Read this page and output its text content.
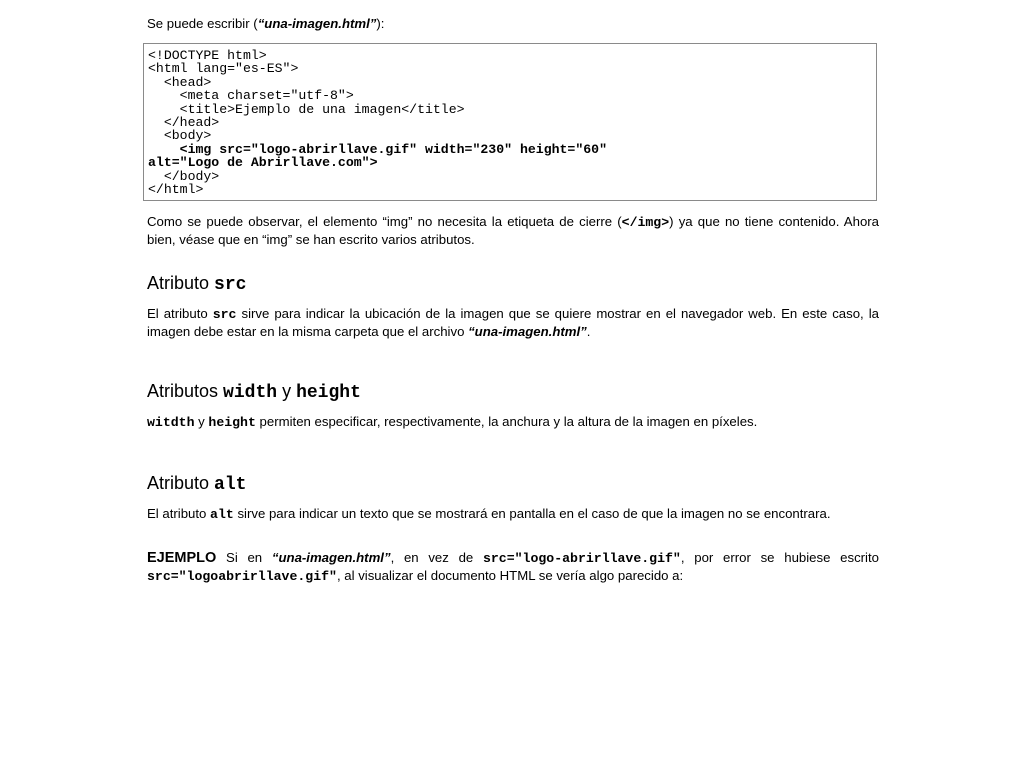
Se puede escribir (“una-imagen.html”):

<!DOCTYPE html>
<html lang="es-ES">
<head>
<meta charset="utf-8">
<title>Ejemplo de una imagen</title>
</head>
<body>
<img src="logo-abrirllave.gif" width="230" height="60"
alt="Logo de Abrirllave.com">
</body>
</html>

Como se puede observar, el elemento “img” no necesita la etiqueta de cierre (</img>) ya que no tiene contenido. Ahora bien, véase que en “img” se han escrito varios atributos.

Atributo src

El atributo src sirve para indicar la ubicación de la imagen que se quiere mostrar en el navegador web. En este caso, la imagen debe estar en la misma carpeta que el archivo “una-imagen.html”.

Atributos width y height

witdth y height permiten especificar, respectivamente, la anchura y la altura de la imagen en píxeles.

Atributo alt

El atributo alt sirve para indicar un texto que se mostrará en pantalla en el caso de que la imagen no se encontrara.

EJEMPLO Si en “una-imagen.html”, en vez de src="logo-abrirllave.gif", por error se hubiese escrito src="logoabrirllave.gif", al visualizar el documento HTML se vería algo parecido a:
